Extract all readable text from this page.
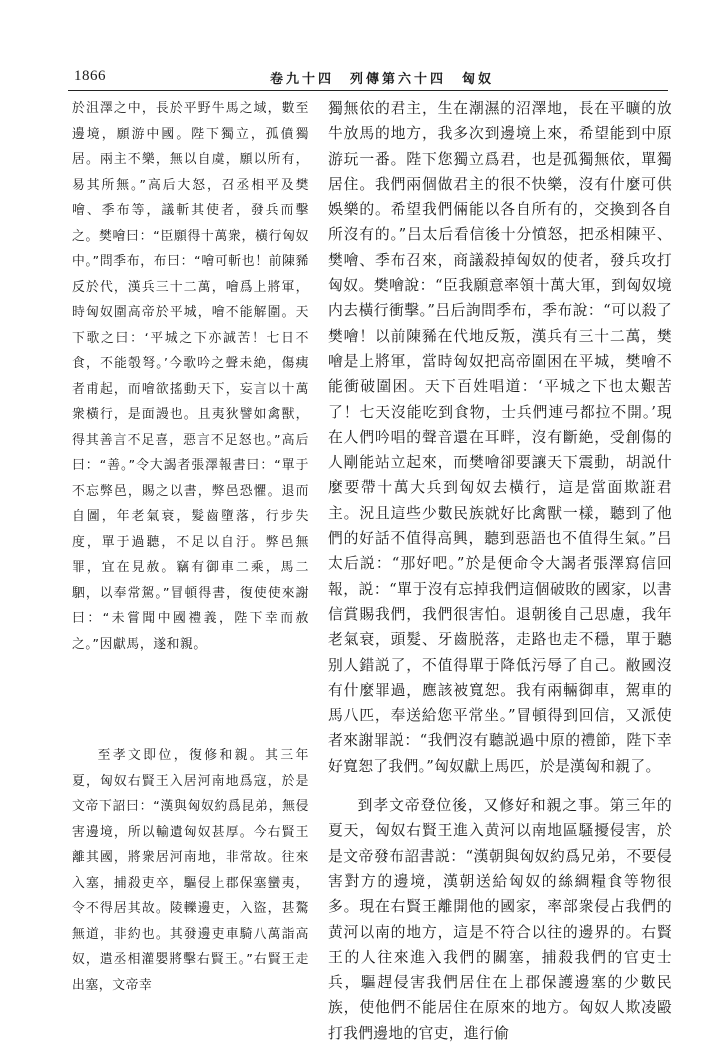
1866	卷九十四　列傳第六十四　匈奴

於沮澤之中，長於平野牛馬之域，數至邊境，願游中國。陛下獨立，孤僨獨居。兩主不樂，無以自虞，願以所有，易其所無。”高后大怒，召丞相平及樊噲、季布等，議斬其使者，發兵而擊之。樊噲曰：“臣願得十萬衆，橫行匈奴中。”問季布，布曰：“噲可斬也！前陳豨反於代，漢兵三十二萬，噲爲上將軍，時匈奴圍高帝於平城，噲不能解圍。天下歌之曰：‘平城之下亦誠苦！七日不食，不能彀弩。’今歌吟之聲未絶，傷痍者甫起，而噲欲搖動天下，妄言以十萬衆橫行，是面謾也。且夷狄譬如禽獸，得其善言不足喜，惡言不足怒也。”高后曰：“善。”令大謁者張澤報書曰：“單于不忘弊邑，賜之以書，弊邑恐懼。退而自圖，年老氣衰，髮齒墮落，行步失度，單于過聽，不足以自汙。弊邑無罪，宜在見赦。竊有御車二乘，馬二駟，以奉常駕。”冒頓得書，復使使來謝曰：“未嘗聞中國禮義，陛下幸而赦之。”因獻馬，遂和親。

至孝文即位，復修和親。其三年夏，匈奴右賢王入居河南地爲寇，於是文帝下詔曰：“漢與匈奴約爲昆弟，無侵害邊境，所以輸遺匈奴甚厚。今右賢王離其國，將衆居河南地，非常故。往來入塞，捕殺吏卒，驅侵上郡保塞蠻夷，令不得居其故。陵轢邊吏，入盜，甚驁無道，非約也。其發邊吏車騎八萬詣高奴，遣丞相灌嬰將擊右賢王。”右賢王走出塞，文帝幸

獨無依的君主，生在潮濕的沼澤地，長在平曠的放牛放馬的地方，我多次到邊境上來，希望能到中原游玩一番。陛下您獨立爲君，也是孤獨無依，單獨居住。我們兩個做君主的很不快樂，沒有什麼可供娛樂的。希望我們倆能以各自所有的，交換到各自所沒有的。”吕太后看信後十分憤怒，把丞相陳平、樊噲、季布召來，商議殺掉匈奴的使者，發兵攻打匈奴。樊噲說：“臣我願意率領十萬大軍，到匈奴境内去橫行衝擊。”吕后詢問季布，季布說：“可以殺了樊噲！以前陳豨在代地反叛，漢兵有三十二萬，樊噲是上將軍，當時匈奴把高帝圍困在平城，樊噲不能衝破圍困。天下百姓唱道：‘平城之下也太艱苦了！七天沒能吃到食物，士兵們連弓都拉不開。’現在人們吟唱的聲音還在耳畔，沒有斷絶，受創傷的人剛能站立起來，而樊噲卻要讓天下震動，胡説什麼要帶十萬大兵到匈奴去橫行，這是當面欺誑君主。況且這些少數民族就好比禽獸一樣，聽到了他們的好話不值得高興，聽到惡語也不值得生氣。”吕太后説：“那好吧。”於是便命令大謁者張澤寫信回報，説：“單于沒有忘掉我們這個破敗的國家，以書信賞賜我們，我們很害怕。退朝後自己思慮，我年老氣衰，頭髮、牙齒脱落，走路也走不穩，單于聽别人錯説了，不值得單于降低污辱了自己。敝國沒有什麼罪過，應該被寬恕。我有兩輛御車，駕車的馬八匹，奉送給您平常坐。”冒頓得到回信，又派使者來謝罪説：“我們沒有聽説過中原的禮節，陛下幸好寬恕了我們。”匈奴獻上馬匹，於是漢匈和親了。

到孝文帝登位後，又修好和親之事。第三年的夏天，匈奴右賢王進入黄河以南地區騷擾侵害，於是文帝發布詔書説：“漢朝與匈奴約爲兄弟，不要侵害對方的邊境，漢朝送給匈奴的絲綢糧食等物很多。現在右賢王離開他的國家，率部衆侵占我們的黄河以南的地方，這是不符合以往的邊界的。右賢王的人往來進入我們的關塞，捕殺我們的官吏士兵，驅趕侵害我們居住在上郡保護邊塞的少數民族，使他們不能居住在原來的地方。匈奴人欺凌毆打我們邊地的官吏，進行偷
